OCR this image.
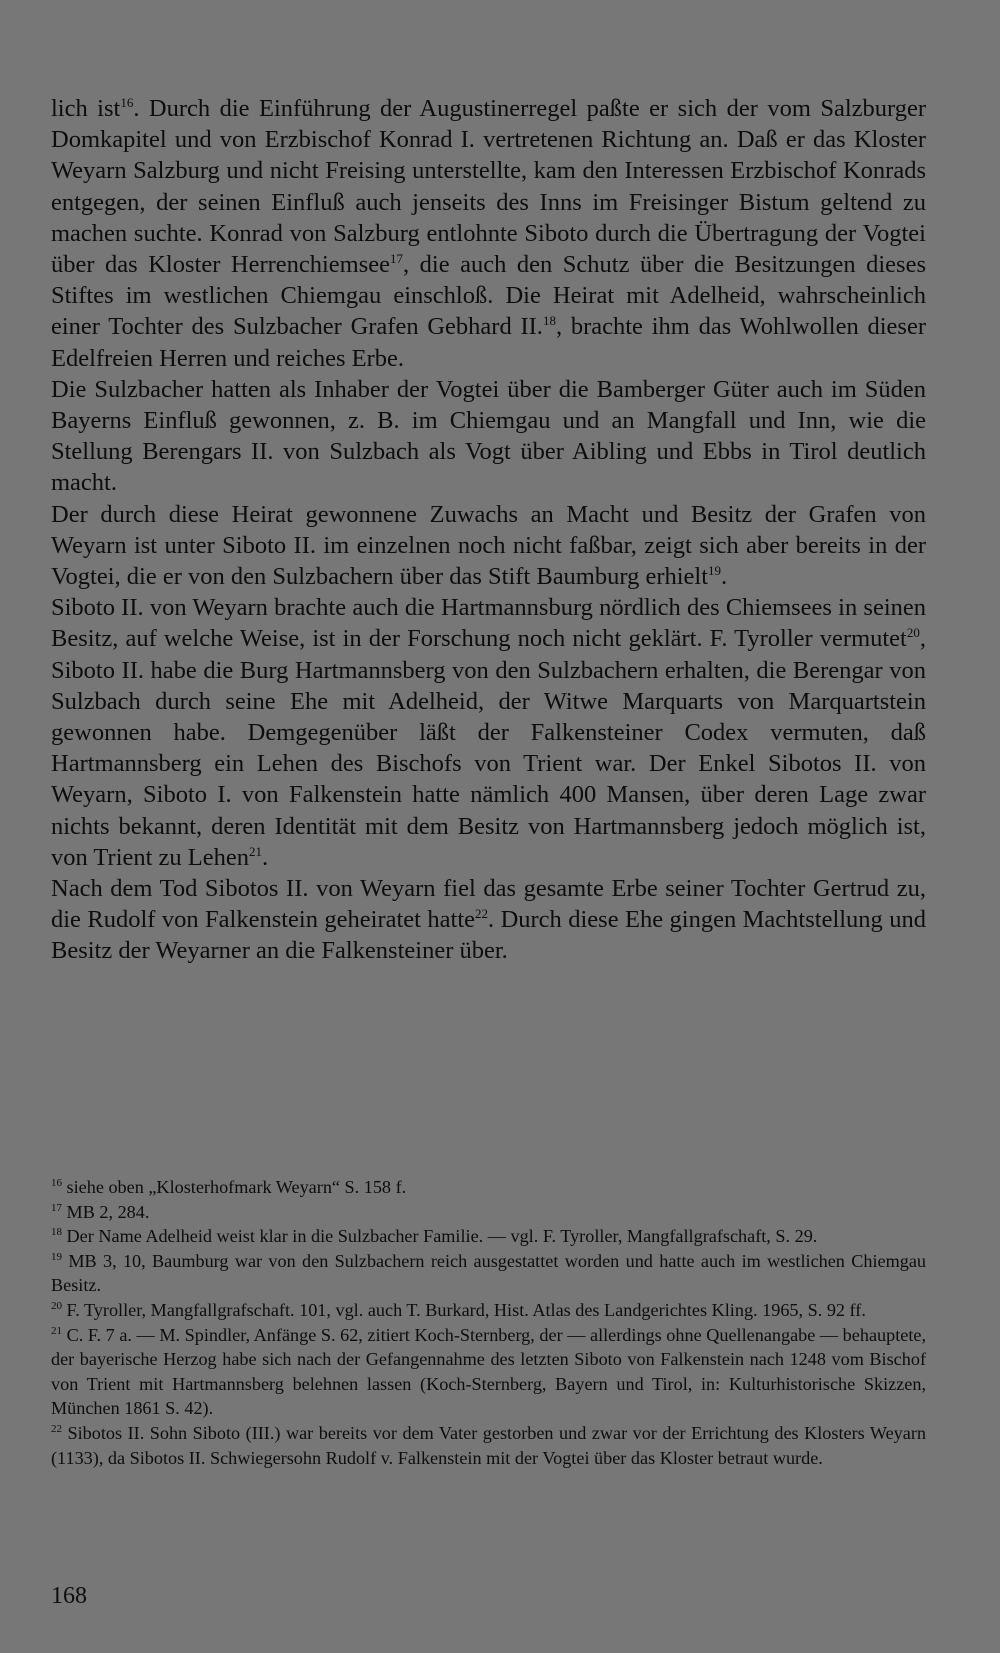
lich ist$^{16}$. Durch die Einführung der Augustinerregel paßte er sich der vom Salzburger Domkapitel und von Erzbischof Konrad I. vertretenen Richtung an. Daß er das Kloster Weyarn Salzburg und nicht Freising unterstellte, kam den Interessen Erzbischof Konrads entgegen, der seinen Einfluß auch jenseits des Inns im Freisinger Bistum geltend zu machen suchte. Konrad von Salzburg entlohnte Siboto durch die Übertragung der Vogtei über das Kloster Herrenchiemsee$^{17}$, die auch den Schutz über die Besitzungen dieses Stiftes im westlichen Chiemgau einschloß. Die Heirat mit Adelheid, wahrscheinlich einer Tochter des Sulzbacher Grafen Gebhard II.$^{18}$, brachte ihm das Wohlwollen dieser Edelfreien Herren und reiches Erbe.

Die Sulzbacher hatten als Inhaber der Vogtei über die Bamberger Güter auch im Süden Bayerns Einfluß gewonnen, z. B. im Chiemgau und an Mangfall und Inn, wie die Stellung Berengars II. von Sulzbach als Vogt über Aibling und Ebbs in Tirol deutlich macht.

Der durch diese Heirat gewonnene Zuwachs an Macht und Besitz der Grafen von Weyarn ist unter Siboto II. im einzelnen noch nicht faßbar, zeigt sich aber bereits in der Vogtei, die er von den Sulzbachern über das Stift Baumburg erhielt$^{19}$.

Siboto II. von Weyarn brachte auch die Hartmannsburg nördlich des Chiemsees in seinen Besitz, auf welche Weise, ist in der Forschung noch nicht geklärt. F. Tyroller vermutet$^{20}$, Siboto II. habe die Burg Hartmannsberg von den Sulzbachern erhalten, die Berengar von Sulzbach durch seine Ehe mit Adelheid, der Witwe Marquarts von Marquartstein gewonnen habe. Demgegenüber läßt der Falkensteiner Codex vermuten, daß Hartmannsberg ein Lehen des Bischofs von Trient war. Der Enkel Sibotos II. von Weyarn, Siboto I. von Falkenstein hatte nämlich 400 Mansen, über deren Lage zwar nichts bekannt, deren Identität mit dem Besitz von Hartmannsberg jedoch möglich ist, von Trient zu Lehen$^{21}$.

Nach dem Tod Sibotos II. von Weyarn fiel das gesamte Erbe seiner Tochter Gertrud zu, die Rudolf von Falkenstein geheiratet hatte$^{22}$. Durch diese Ehe gingen Machtstellung und Besitz der Weyarner an die Falkensteiner über.

$^{16}$ siehe oben „Klosterhofmark Weyarn“ S. 158 f.

$^{17}$ MB 2, 284.

$^{18}$ Der Name Adelheid weist klar in die Sulzbacher Familie. — vgl. F. Tyroller, Mangfallgrafschaft, S. 29.

$^{19}$ MB 3, 10, Baumburg war von den Sulzbachern reich ausgestattet worden und hatte auch im westlichen Chiemgau Besitz.

$^{20}$ F. Tyroller, Mangfallgrafschaft. 101, vgl. auch T. Burkard, Hist. Atlas des Landgerichtes Kling. 1965, S. 92 ff.

$^{21}$ C. F. 7 a. — M. Spindler, Anfänge S. 62, zitiert Koch-Sternberg, der — allerdings ohne Quellenangabe — behauptete, der bayerische Herzog habe sich nach der Gefangennahme des letzten Siboto von Falkenstein nach 1248 vom Bischof von Trient mit Hartmannsberg belehnen lassen (Koch-Sternberg, Bayern und Tirol, in: Kulturhistorische Skizzen, München 1861 S. 42).

$^{22}$ Sibotos II. Sohn Siboto (III.) war bereits vor dem Vater gestorben und zwar vor der Errichtung des Klosters Weyarn (1133), da Sibotos II. Schwiegersohn Rudolf v. Falkenstein mit der Vogtei über das Kloster betraut wurde.

168
